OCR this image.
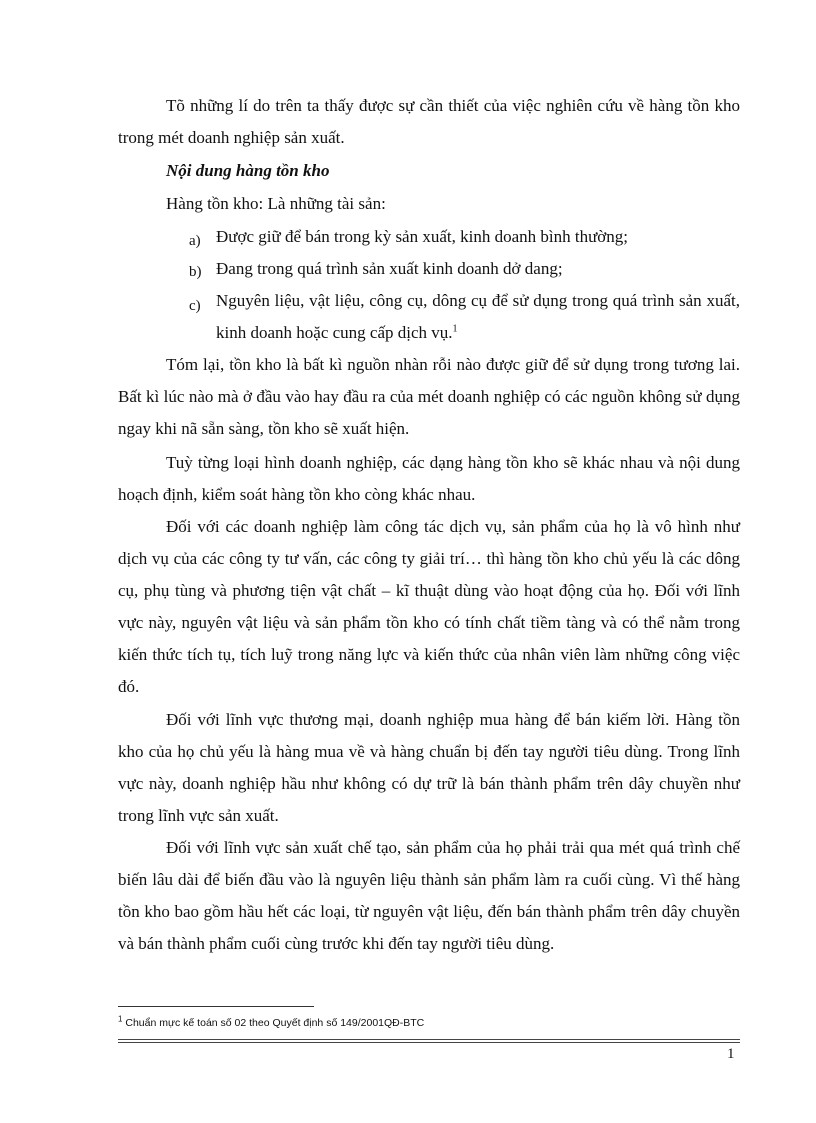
Tõ những lí do trên ta thấy được sự cần thiết của việc nghiên cứu về hàng tồn kho trong mét doanh nghiệp sản xuất.

Nội dung hàng tồn kho

Hàng tồn kho: Là những tài sản:

a) Được giữ để bán trong kỳ sản xuất, kinh doanh bình thường;
b) Đang trong quá trình sản xuất kinh doanh dở dang;
c) Nguyên liệu, vật liệu, công cụ, dông cụ để sử dụng trong quá trình sản xuất, kinh doanh hoặc cung cấp dịch vụ.$^1$

Tóm lại, tồn kho là bất kì nguồn nhàn rỗi nào được giữ để sử dụng trong tương lai. Bất kì lúc nào mà ở đầu vào hay đầu ra của mét doanh nghiệp có các nguồn không sử dụng ngay khi nã sẵn sàng, tồn kho sẽ xuất hiện.

Tuỳ từng loại hình doanh nghiệp, các dạng hàng tồn kho sẽ khác nhau và nội dung hoạch định, kiểm soát hàng tồn kho còng khác nhau.

Đối với các doanh nghiệp làm công tác dịch vụ, sản phẩm của họ là vô hình như dịch vụ của các công ty tư vấn, các công ty giải trí… thì hàng tồn kho chủ yếu là các dông cụ, phụ tùng và phương tiện vật chất – kĩ thuật dùng vào hoạt động của họ. Đối với lĩnh vực này, nguyên vật liệu và sản phẩm tồn kho có tính chất tiềm tàng và có thể nằm trong kiến thức tích tụ, tích luỹ trong năng lực và kiến thức của nhân viên làm những công việc đó.

Đối với lĩnh vực thương mại, doanh nghiệp mua hàng để bán kiếm lời. Hàng tồn kho của họ chủ yếu là hàng mua về và hàng chuẩn bị đến tay người tiêu dùng. Trong lĩnh vực này, doanh nghiệp hầu như không có dự trữ là bán thành phẩm trên dây chuyền như trong lĩnh vực sản xuất.

Đối với lĩnh vực sản xuất chế tạo, sản phẩm của họ phải trải qua mét quá trình chế biến lâu dài để biến đầu vào là nguyên liệu thành sản phẩm làm ra cuối cùng. Vì thế hàng tồn kho bao gồm hầu hết các loại, từ nguyên vật liệu, đến bán thành phẩm trên dây chuyền và bán thành phẩm cuối cùng trước khi đến tay người tiêu dùng.

$^1$ Chuẩn mực kế toán số 02 theo Quyết định số 149/2001QĐ-BTC
1
